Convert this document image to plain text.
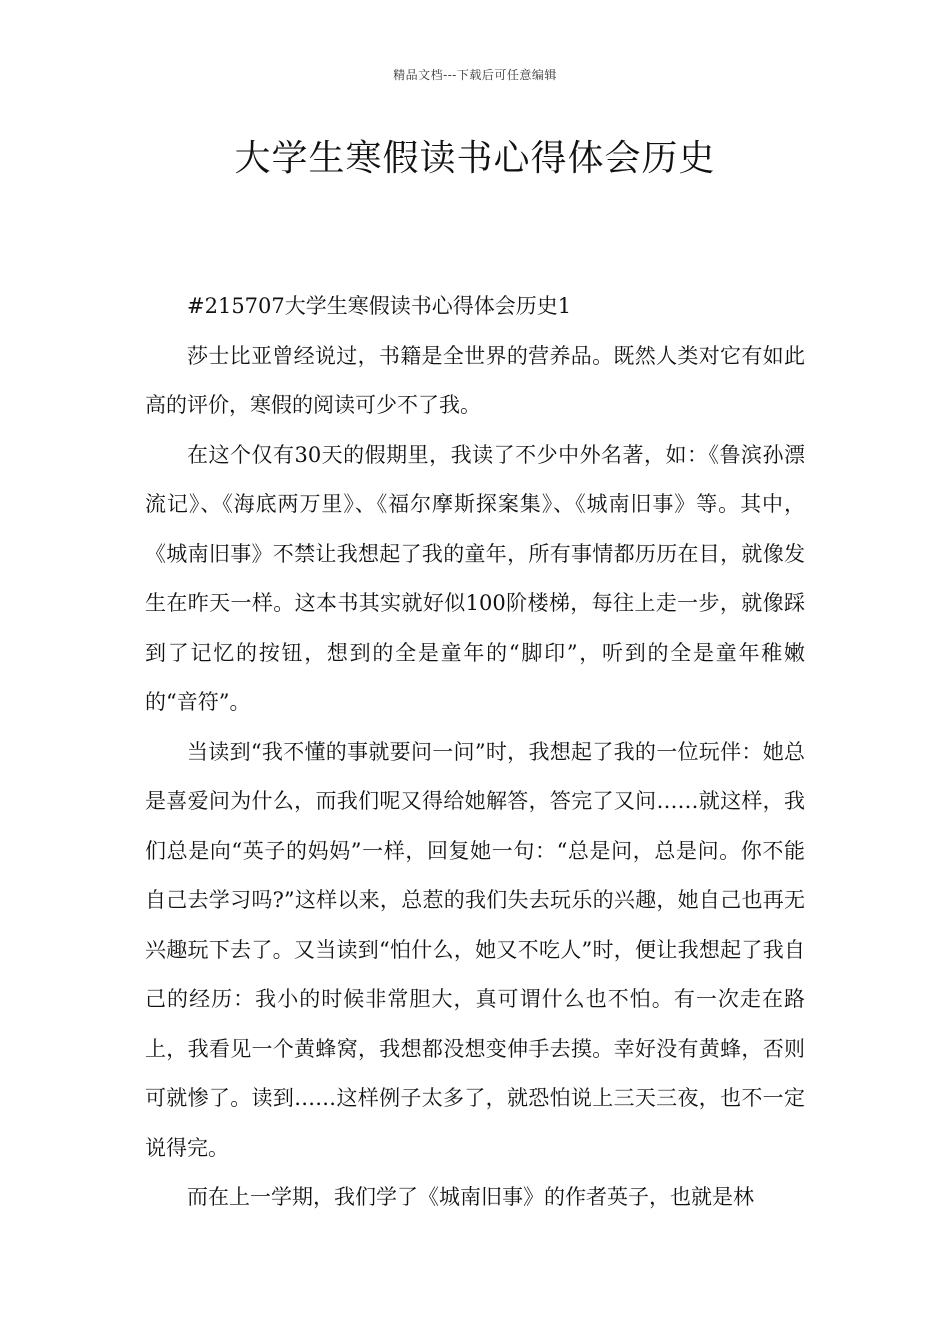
精品文档---下载后可任意编辑
大学生寒假读书心得体会历史

#215707大学生寒假读书心得体会历史1

莎士比亚曾经说过，书籍是全世界的营养品。既然人类对它有如此高的评价，寒假的阅读可少不了我。

在这个仅有30天的假期里，我读了不少中外名著，如：《鲁滨孙漂流记》、《海底两万里》、《福尔摩斯探案集》、《城南旧事》等。其中，《城南旧事》不禁让我想起了我的童年，所有事情都历历在目，就像发生在昨天一样。这本书其实就好似100阶楼梯，每往上走一步，就像踩到了记忆的按钮，想到的全是童年的“脚印”，听到的全是童年稚嫩的“音符”。

当读到“我不懂的事就要问一问”时，我想起了我的一位玩伴：她总是喜爱问为什么，而我们呢又得给她解答，答完了又问……就这样，我们总是向“英子的妈妈”一样，回复她一句：“总是问，总是问。你不能自己去学习吗?”这样以来，总惹的我们失去玩乐的兴趣，她自己也再无兴趣玩下去了。又当读到“怕什么，她又不吃人”时，便让我想起了我自己的经历：我小的时候非常胆大，真可谓什么也不怕。有一次走在路上，我看见一个黄蜂窝，我想都没想变伸手去摸。幸好没有黄蜂，否则可就惨了。读到……这样例子太多了，就恐怕说上三天三夜，也不一定说得完。

而在上一学期，我们学了《城南旧事》的作者英子，也就是林
